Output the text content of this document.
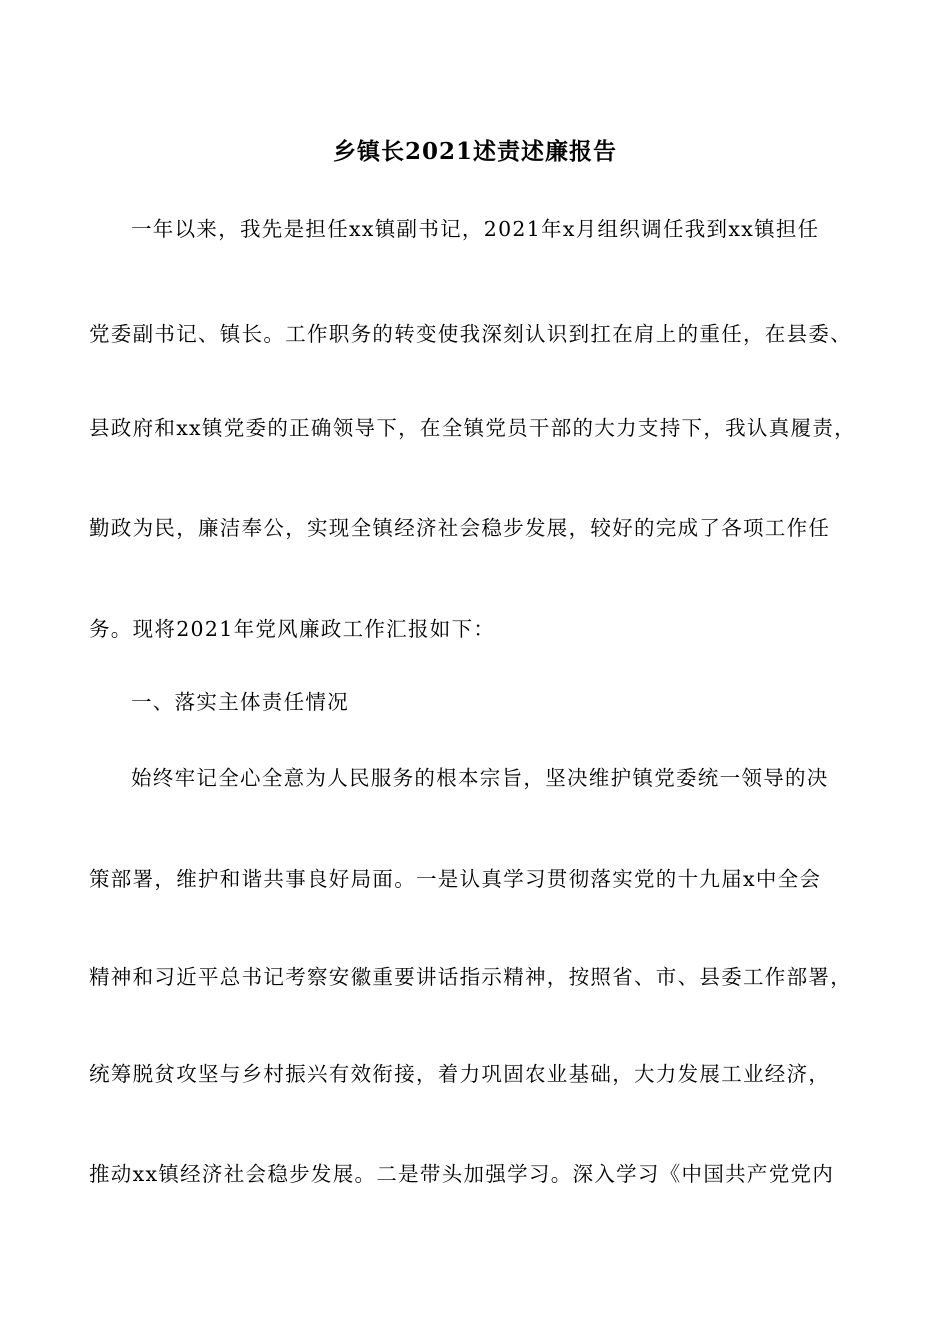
乡镇长2021述责述廉报告
一年以来，我先是担任xx镇副书记，2021年x月组织调任我到xx镇担任
党委副书记、镇长。工作职务的转变使我深刻认识到扛在肩上的重任，在县委、
县政府和xx镇党委的正确领导下，在全镇党员干部的大力支持下，我认真履责，
勤政为民，廉洁奉公，实现全镇经济社会稳步发展，较好的完成了各项工作任
务。现将2021年党风廉政工作汇报如下：
一、落实主体责任情况
始终牢记全心全意为人民服务的根本宗旨，坚决维护镇党委统一领导的决
策部署，维护和谐共事良好局面。一是认真学习贯彻落实党的十九届x中全会
精神和习近平总书记考察安徽重要讲话指示精神，按照省、市、县委工作部署，
统筹脱贫攻坚与乡村振兴有效衔接，着力巩固农业基础，大力发展工业经济，
推动xx镇经济社会稳步发展。二是带头加强学习。深入学习《中国共产党党内
